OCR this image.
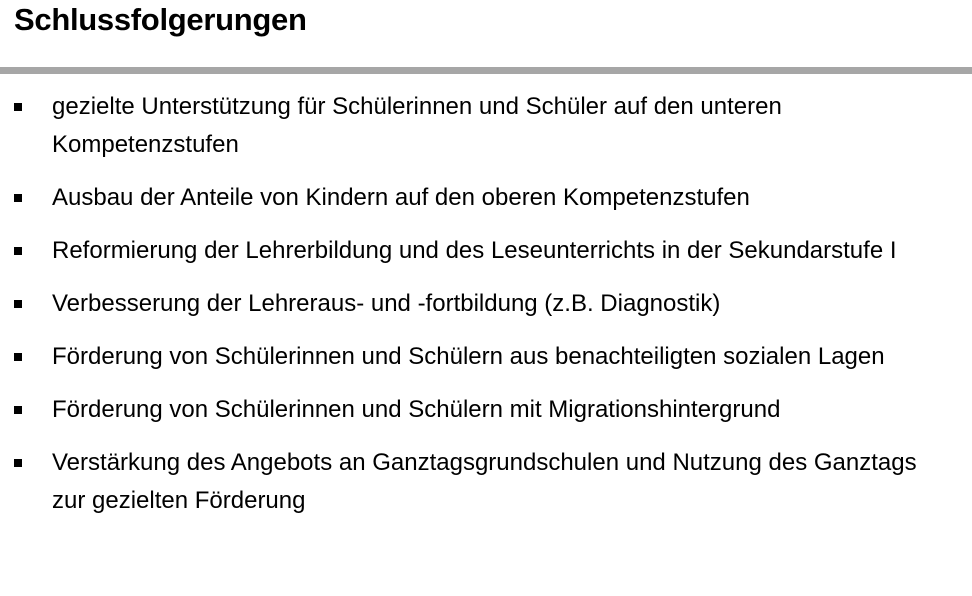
Schlussfolgerungen
gezielte Unterstützung für Schülerinnen und Schüler auf den unteren Kompetenzstufen
Ausbau der Anteile von Kindern auf den oberen Kompetenzstufen
Reformierung der Lehrerbildung und des Leseunterrichts in der Sekundarstufe I
Verbesserung der Lehreraus- und -fortbildung (z.B. Diagnostik)
Förderung von Schülerinnen und Schülern aus benachteiligten sozialen Lagen
Förderung von Schülerinnen und Schülern mit Migrationshintergrund
Verstärkung des Angebots an Ganztagsgrundschulen und Nutzung des Ganztags zur gezielten Förderung
